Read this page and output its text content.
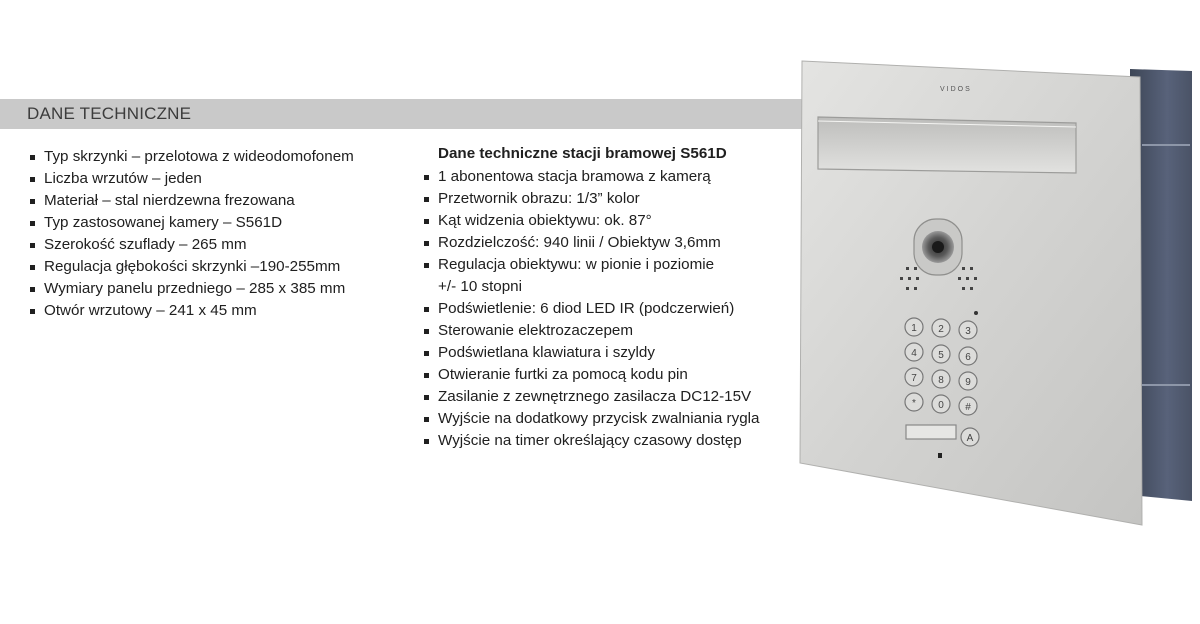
DANE TECHNICZNE
Typ skrzynki – przelotowa z wideodomofonem
Liczba wrzutów – jeden
Materiał – stal nierdzewna frezowana
Typ zastosowanej kamery – S561D
Szerokość szuflady – 265 mm
Regulacja głębokości skrzynki –190-255mm
Wymiary panelu przedniego – 285 x 385 mm
Otwór wrzutowy – 241 x 45 mm
Dane techniczne stacji bramowej S561D
1 abonentowa stacja bramowa z kamerą
Przetwornik obrazu: 1/3” kolor
Kąt widzenia obiektywu: ok. 87°
Rozdzielczość: 940 linii / Obiektyw 3,6mm
Regulacja obiektywu: w pionie i poziomie
+/- 10 stopni
Podświetlenie: 6 diod LED IR (podczerwień)
Sterowanie elektrozaczepem
Podświetlana klawiatura i szyldy
Otwieranie furtki za pomocą kodu pin
Zasilanie z zewnętrznego zasilacza DC12-15V
Wyjście na dodatkowy przycisk zwalniania rygla
Wyjście na timer określający czasowy dostęp
VIDOS
1 2 3
4 5 6
7 8 9
* 0 #
A
